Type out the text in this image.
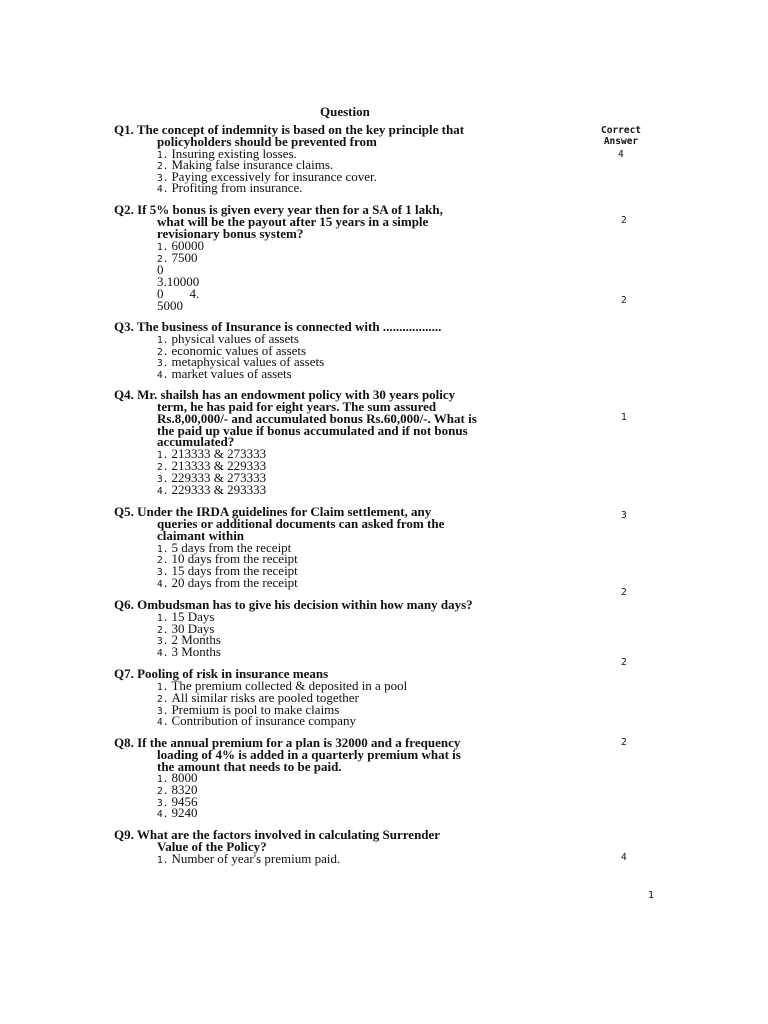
Question
Correct
Answer
Q1. The concept of indemnity is based on the key principle that
policyholders should be prevented from
1. Insuring existing losses.
2. Making false insurance claims.
3. Paying excessively for insurance cover.
4. Profiting from insurance.
4
Q2. If 5% bonus is given every year then for a SA of 1 lakh,
what will be the payout after 15 years in a simple
revisionary bonus system?
1. 60000
2. 7500
0
3.10000
0        4.
5000
2
2
Q3. The business of Insurance is connected with ..................
1. physical values of assets
2. economic values of assets
3. metaphysical values of assets
4. market values of assets
Q4. Mr. shailsh has an endowment policy with 30 years policy
term, he has paid for eight years. The sum assured
Rs.8,00,000/- and accumulated bonus Rs.60,000/-. What is
the paid up value if bonus accumulated and if not bonus
accumulated?
1. 213333 & 273333
2. 213333 & 229333
3. 229333 & 273333
4. 229333 & 293333
1
Q5. Under the IRDA guidelines for Claim settlement, any
queries or additional documents can asked from the
claimant within
1. 5 days from the receipt
2. 10 days from the receipt
3. 15 days from the receipt
4. 20 days from the receipt
3
2
Q6. Ombudsman has to give his decision within how many days?
1. 15 Days
2. 30 Days
3. 2 Months
4. 3 Months
2
Q7. Pooling of risk in insurance means
1. The premium collected & deposited in a pool
2. All similar risks are pooled together
3. Premium is pool to make claims
4. Contribution of insurance company
Q8. If the annual premium for a plan is 32000 and a frequency
loading of 4% is added in a quarterly premium what is
the amount that needs to be paid.
1. 8000
2. 8320
3. 9456
4. 9240
2
Q9. What are the factors involved in calculating Surrender
Value of the Policy?
1. Number of year's premium paid.	4
1
